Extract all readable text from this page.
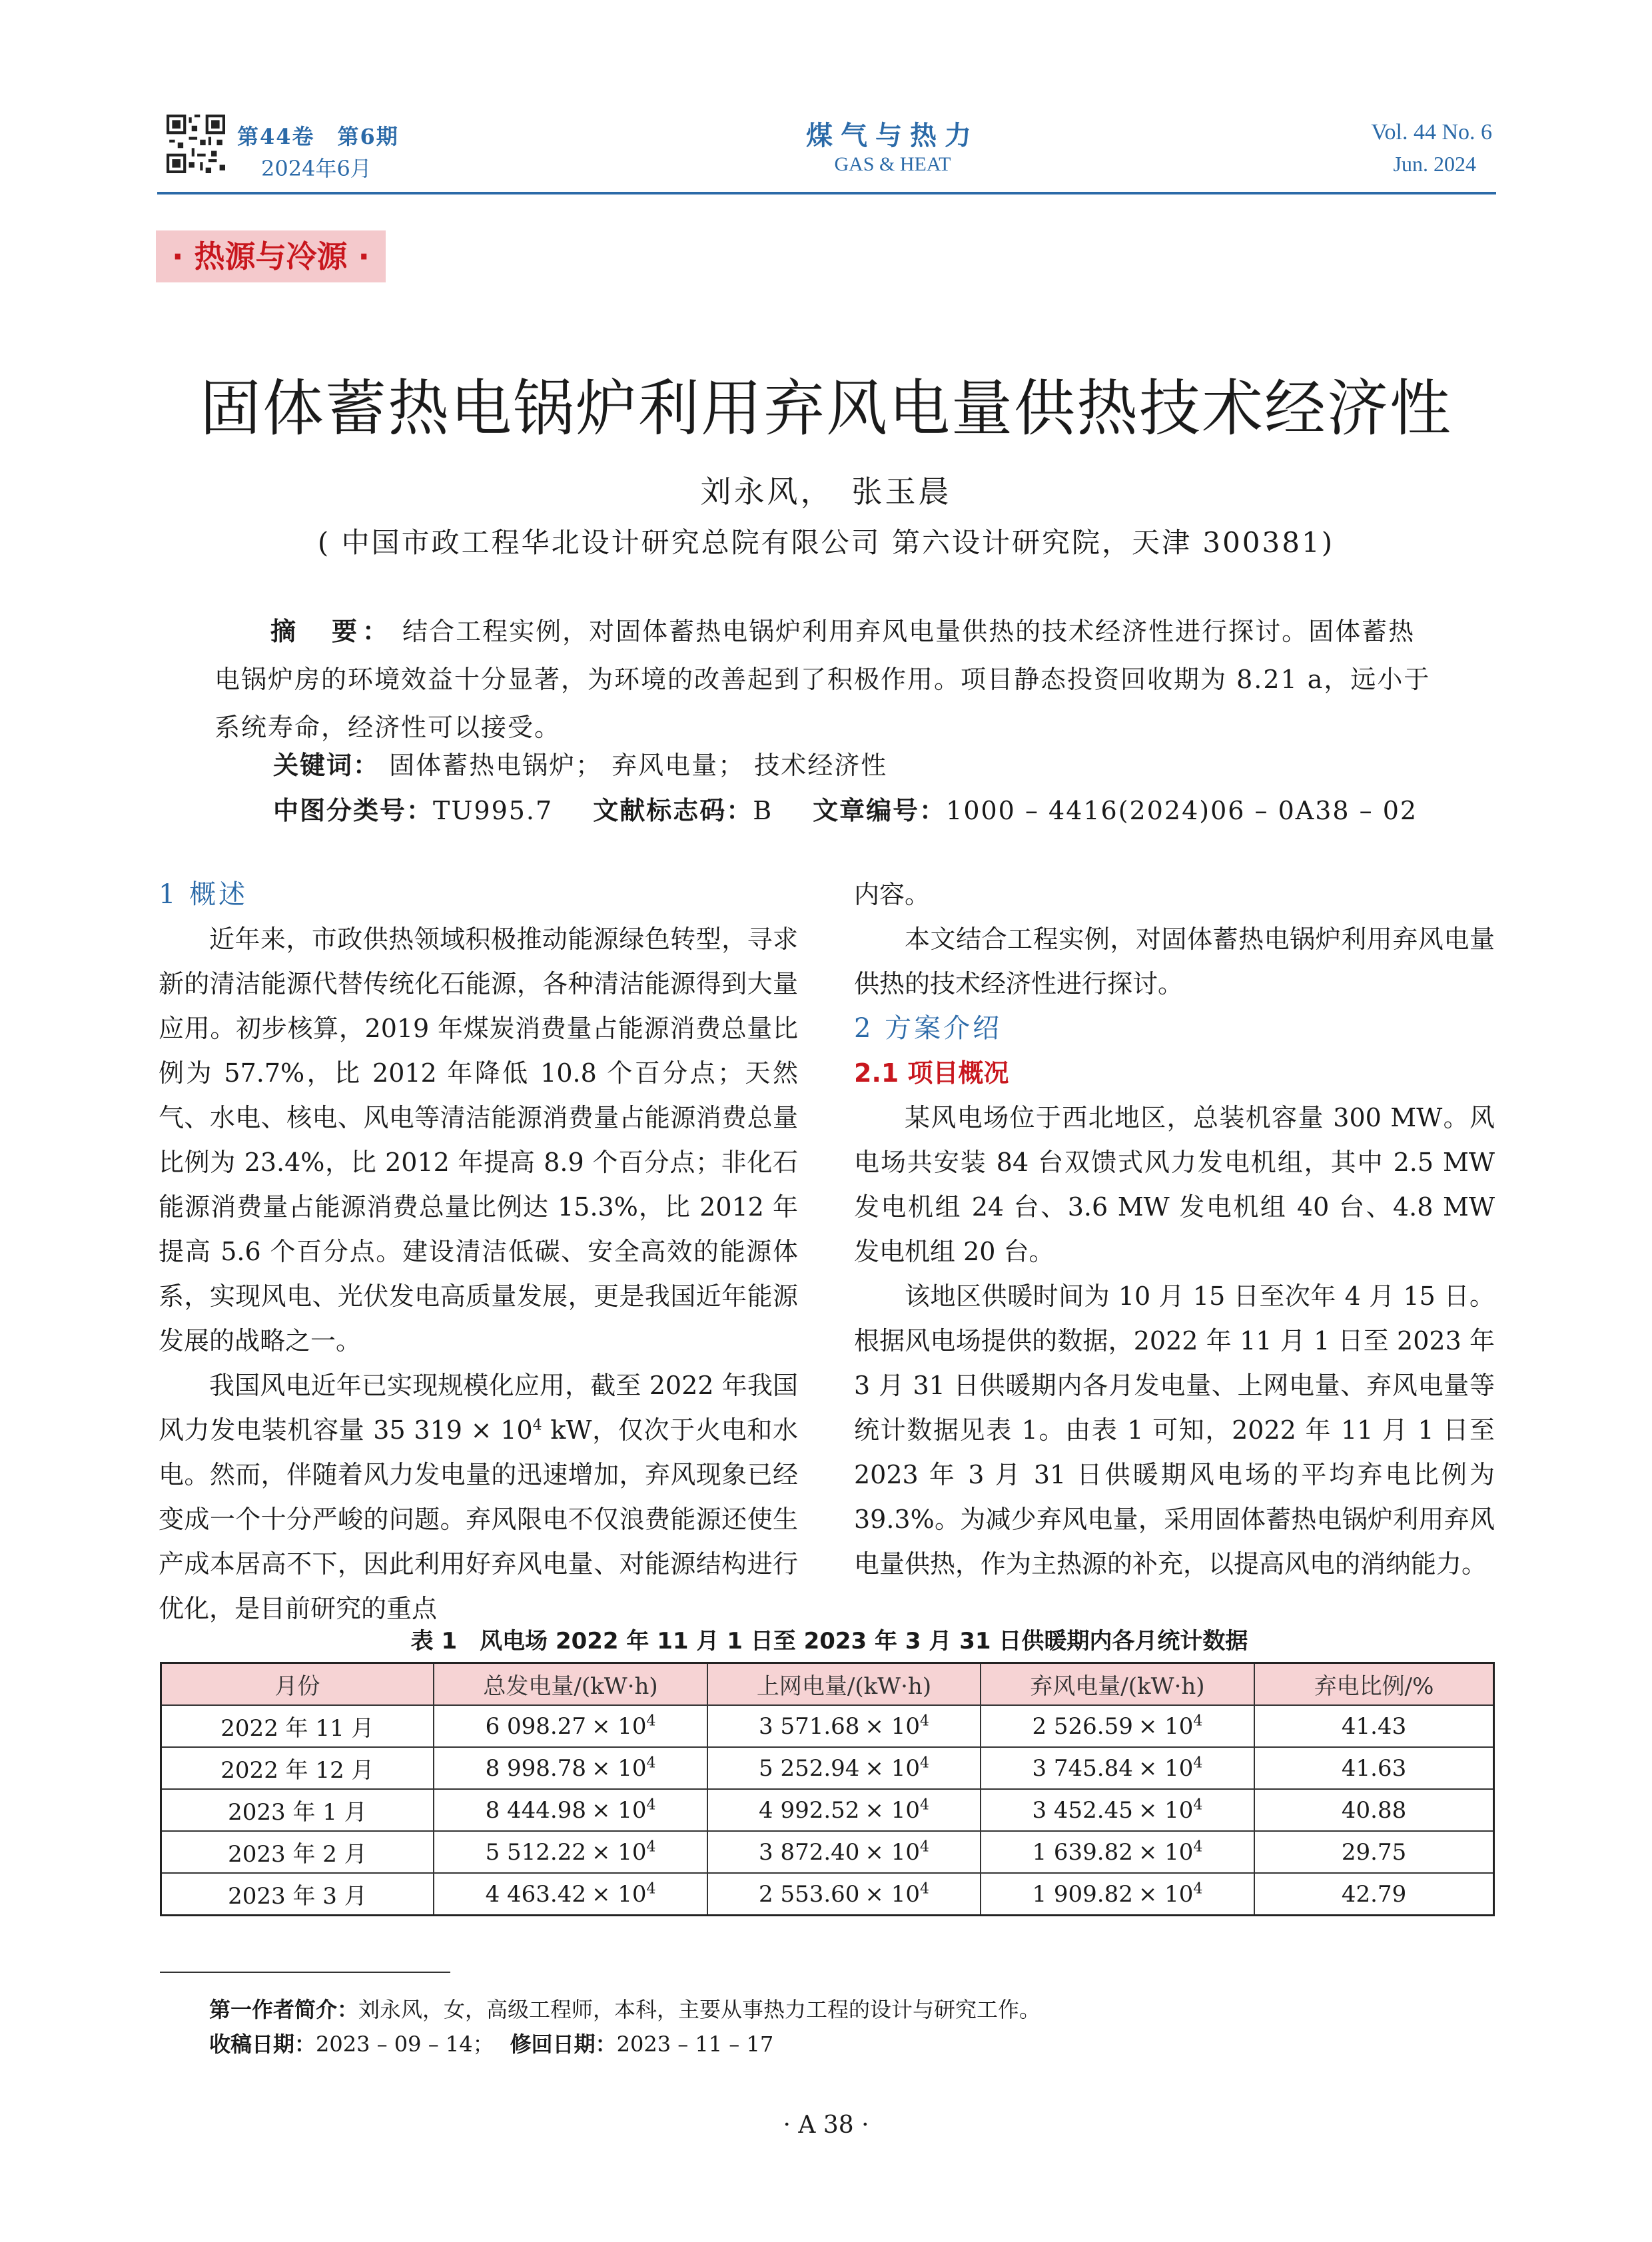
第44卷　第6期
2024年6月
煤气与热力
GAS & HEAT
Vol. 44 No. 6
Jun. 2024
· 热源与冷源 ·
固体蓄热电锅炉利用弃风电量供热技术经济性
刘永风，　张玉晨
( 中国市政工程华北设计研究总院有限公司 第六设计研究院，天津 300381)
摘　要： 结合工程实例，对固体蓄热电锅炉利用弃风电量供热的技术经济性进行探讨。固体蓄热电锅炉房的环境效益十分显著，为环境的改善起到了积极作用。项目静态投资回收期为 8.21 a，远小于系统寿命，经济性可以接受。
关键词： 固体蓄热电锅炉； 弃风电量； 技术经济性
中图分类号：TU995.7 文献标志码：B 文章编号：1000 – 4416(2024)06 – 0A38 – 02
1 概述

近年来，市政供热领域积极推动能源绿色转型，寻求新的清洁能源代替传统化石能源，各种清洁能源得到大量应用。初步核算，2019 年煤炭消费量占能源消费总量比例为 57.7%，比 2012 年降低 10.8 个百分点；天然气、水电、核电、风电等清洁能源消费量占能源消费总量比例为 23.4%，比 2012 年提高 8.9 个百分点；非化石能源消费量占能源消费总量比例达 15.3%，比 2012 年提高 5.6 个百分点。建设清洁低碳、安全高效的能源体系，实现风电、光伏发电高质量发展，更是我国近年能源发展的战略之一。

我国风电近年已实现规模化应用，截至 2022 年我国风力发电装机容量 35 $319 \times 10^4$ kW，仅次于火电和水电。然而，伴随着风力发电量的迅速增加，弃风现象已经变成一个十分严峻的问题。弃风限电不仅浪费能源还使生产成本居高不下，因此利用好弃风电量、对能源结构进行优化，是目前研究的重点

内容。

本文结合工程实例，对固体蓄热电锅炉利用弃风电量供热的技术经济性进行探讨。

2 方案介绍
2.1 项目概况

某风电场位于西北地区，总装机容量 300 MW。风电场共安装 84 台双馈式风力发电机组，其中 2.5 MW 发电机组 24 台、3.6 MW 发电机组 40 台、4.8 MW 发电机组 20 台。

该地区供暖时间为 10 月 15 日至次年 4 月 15 日。根据风电场提供的数据，2022 年 11 月 1 日至 2023 年 3 月 31 日供暖期内各月发电量、上网电量、弃风电量等统计数据见表 1。由表 1 可知，2022 年 11 月 1 日至 2023 年 3 月 31 日供暖期风电场的平均弃电比例为 39.3%。为减少弃风电量，采用固体蓄热电锅炉利用弃风电量供热，作为主热源的补充，以提高风电的消纳能力。

表 1　风电场 2022 年 11 月 1 日至 2023 年 3 月 31 日供暖期内各月统计数据
月份	总发电量/(kW·h)	上网电量/(kW·h)	弃风电量/(kW·h)	弃电比例/%
2022 年 11 月	6 $098.27 \times 10^4$	3 $571.68 \times 10^4$	2 $526.59 \times 10^4$	41.43
2022 年 12 月	8 $998.78 \times 10^4$	5 $252.94 \times 10^4$	3 $745.84 \times 10^4$	41.63
2023 年 1 月	8 $444.98 \times 10^4$	4 $992.52 \times 10^4$	3 $452.45 \times 10^4$	40.88
2023 年 2 月	5 $512.22 \times 10^4$	3 $872.40 \times 10^4$	1 $639.82 \times 10^4$	29.75
2023 年 3 月	4 $463.42 \times 10^4$	2 $553.60 \times 10^4$	1 $909.82 \times 10^4$	42.79
第一作者简介：刘永风，女，高级工程师，本科，主要从事热力工程的设计与研究工作。
收稿日期：2023 – 09 – 14； 修回日期：2023 – 11 – 17
· A 38 ·
